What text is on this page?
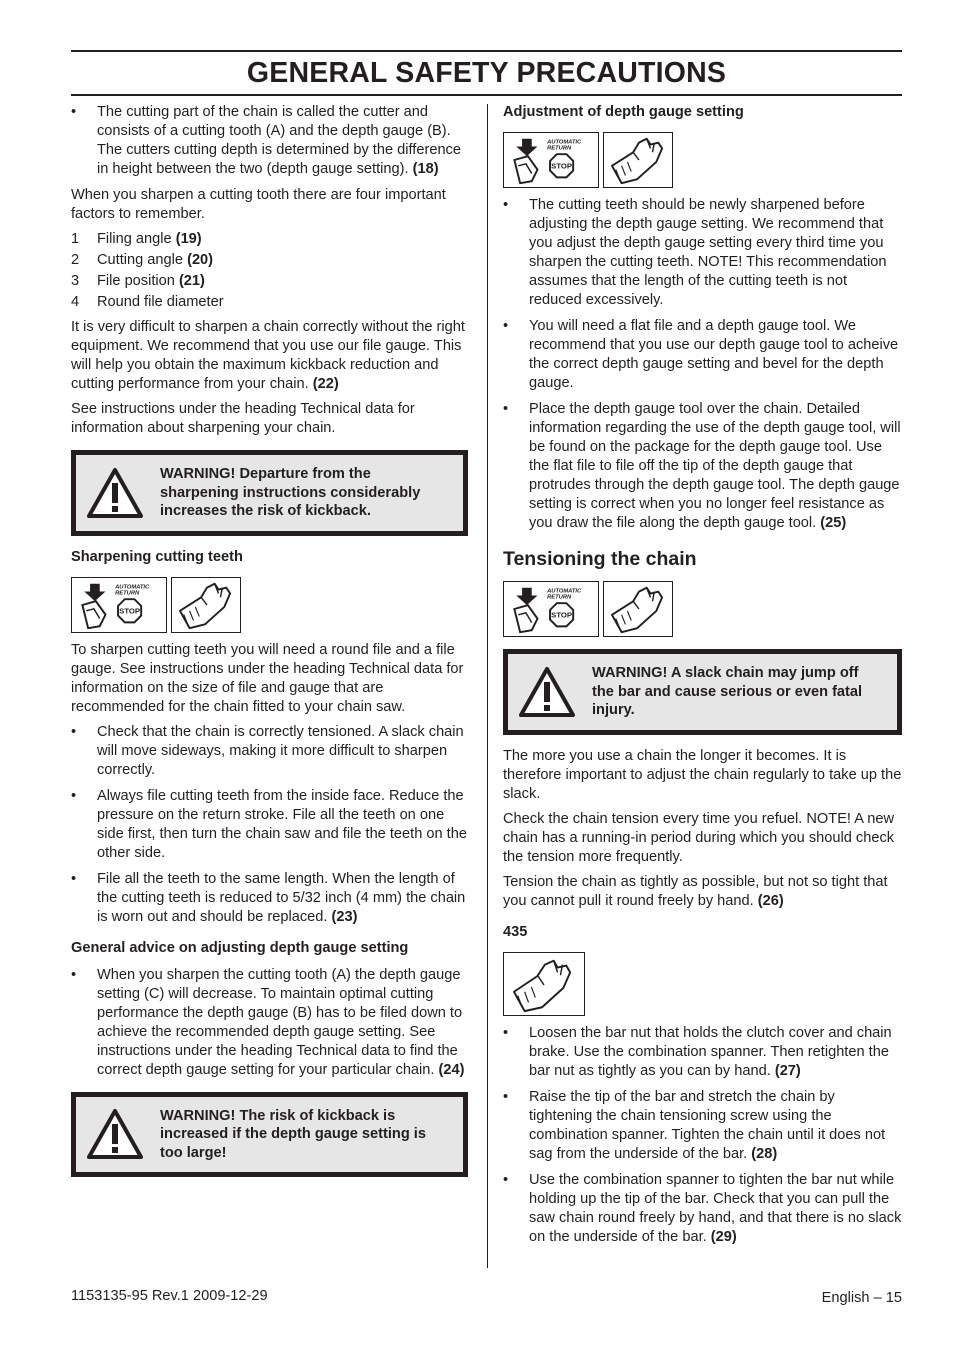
GENERAL SAFETY PRECAUTIONS
• The cutting part of the chain is called the cutter and consists of a cutting tooth (A) and the depth gauge (B). The cutters cutting depth is determined by the difference in height between the two (depth gauge setting). (18)

When you sharpen a cutting tooth there are four important factors to remember.

1	Filing angle (19)
2	Cutting angle (20)
3	File position (21)
4	Round file diameter

It is very difficult to sharpen a chain correctly without the right equipment. We recommend that you use our file gauge. This will help you obtain the maximum kickback reduction and cutting performance from your chain. (22)

See instructions under the heading Technical data for information about sharpening your chain.

WARNING! Departure from the sharpening instructions considerably increases the risk of kickback.
Sharpening cutting teeth
AUTOMATIC
RETURN
STOP

To sharpen cutting teeth you will need a round file and a file gauge. See instructions under the heading Technical data for information on the size of file and gauge that are recommended for the chain fitted to your chain saw.

• Check that the chain is correctly tensioned. A slack chain will move sideways, making it more difficult to sharpen correctly.
• Always file cutting teeth from the inside face. Reduce the pressure on the return stroke. File all the teeth on one side first, then turn the chain saw and file the teeth on the other side.
• File all the teeth to the same length. When the length of the cutting teeth is reduced to 5/32 inch (4 mm) the chain is worn out and should be replaced. (23)
General advice on adjusting depth gauge setting
• When you sharpen the cutting tooth (A) the depth gauge setting (C) will decrease. To maintain optimal cutting performance the depth gauge (B) has to be filed down to achieve the recommended depth gauge setting. See instructions under the heading Technical data to find the correct depth gauge setting for your particular chain. (24)
WARNING! The risk of kickback is increased if the depth gauge setting is too large!
Adjustment of depth gauge setting
AUTOMATIC
RETURN
STOP
• The cutting teeth should be newly sharpened before adjusting the depth gauge setting. We recommend that you adjust the depth gauge setting every third time you sharpen the cutting teeth. NOTE! This recommendation assumes that the length of the cutting teeth is not reduced excessively.
• You will need a flat file and a depth gauge tool. We recommend that you use our depth gauge tool to acheive the correct depth gauge setting and bevel for the depth gauge.
• Place the depth gauge tool over the chain. Detailed information regarding the use of the depth gauge tool, will be found on the package for the depth gauge tool. Use the flat file to file off the tip of the depth gauge that protrudes through the depth gauge tool. The depth gauge setting is correct when you no longer feel resistance as you draw the file along the depth gauge tool. (25)
Tensioning the chain
AUTOMATIC
RETURN
STOP
WARNING! A slack chain may jump off the bar and cause serious or even fatal injury.

The more you use a chain the longer it becomes. It is therefore important to adjust the chain regularly to take up the slack.

Check the chain tension every time you refuel. NOTE! A new chain has a running-in period during which you should check the tension more frequently.

Tension the chain as tightly as possible, but not so tight that you cannot pull it round freely by hand. (26)

435
• Loosen the bar nut that holds the clutch cover and chain brake. Use the combination spanner. Then retighten the bar nut as tightly as you can by hand. (27)
• Raise the tip of the bar and stretch the chain by tightening the chain tensioning screw using the combination spanner. Tighten the chain until it does not sag from the underside of the bar. (28)
• Use the combination spanner to tighten the bar nut while holding up the tip of the bar. Check that you can pull the saw chain round freely by hand, and that there is no slack on the underside of the bar. (29)
1153135-95 Rev.1 2009-12-29	English – 15
